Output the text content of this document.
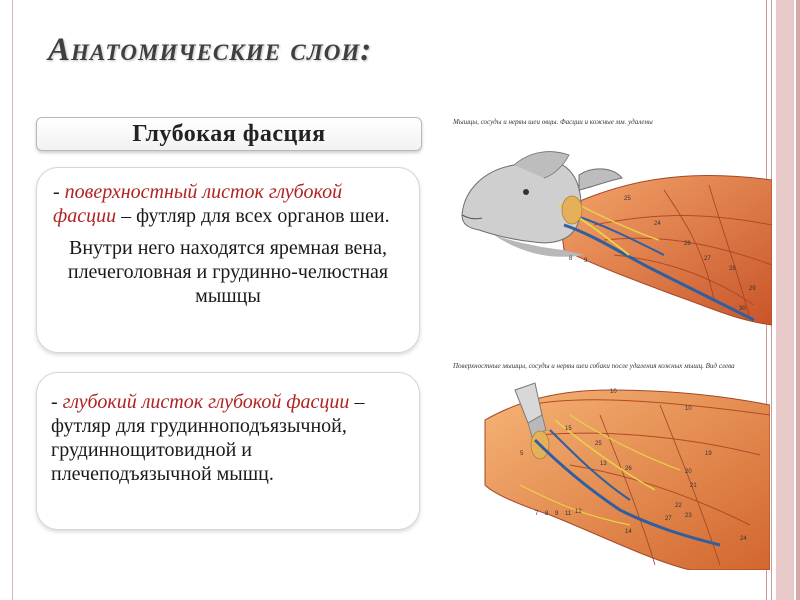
Анатомические слои:
Глубокая фасция

- поверхностный листок глубокой фасции – футляр для всех органов шеи.

Внутри него находятся яремная вена, плечеголовная и грудинно-челюстная мышцы

- глубокий листок глубокой фасции – футляр для грудинноподъязычной, грудиннощитовидной и плечеподъязычной мышц.

Мышцы, сосуды и нервы шеи овцы. Фасции и кожные мм. удалены
Поверхностные мышцы, сосуды и нервы шеи собаки после удаления кожных мышц. Вид слева
25
24
26
27
28
29
30
8 9
10
10
15
19
20
21
22
23
24
25
26
27
5
7 8 9 11 12
13
14
